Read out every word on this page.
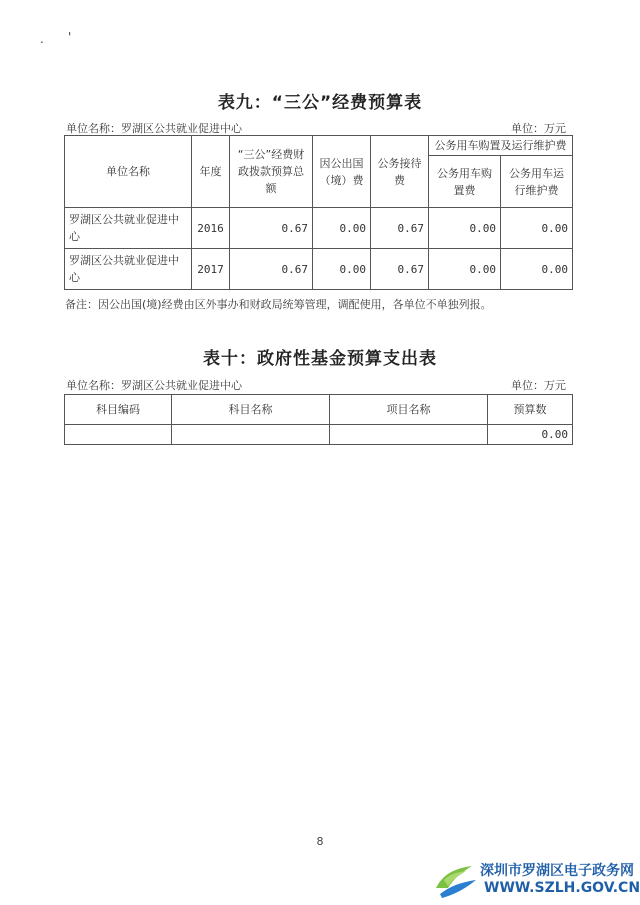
. '
表九：“三公”经费预算表
单位名称：罗湖区公共就业促进中心	单位：万元
单位名称	年度	“三公”经费财政拨款预算总额	因公出国（境）费	公务接待费	公务用车购置及运行维护费	
					公务用车购置费	公务用车运行维护费
罗湖区公共就业促进中心	2016	0.67	0.00	0.67	0.00	0.00
罗湖区公共就业促进中心	2017	0.67	0.00	0.67	0.00	0.00
备注：因公出国(境)经费由区外事办和财政局统筹管理，调配使用，各单位不单独列报。
表十：政府性基金预算支出表
单位名称：罗湖区公共就业促进中心	单位：万元
科目编码	科目名称	项目名称	预算数
			0.00
8
深圳市罗湖区电子政务网
WWW.SZLH.GOV.CN
